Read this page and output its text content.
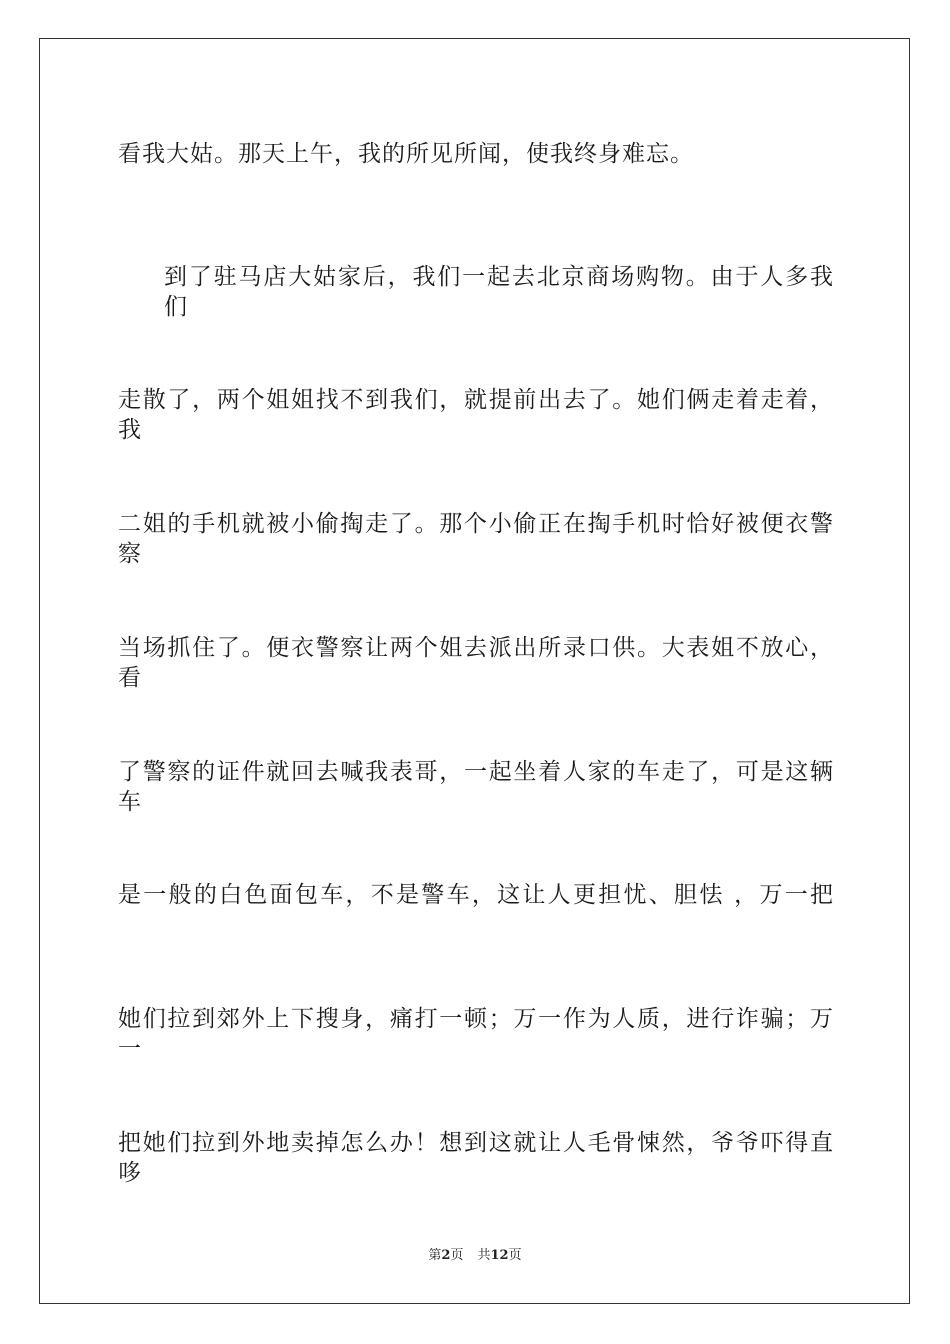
看我大姑。那天上午，我的所见所闻，使我终身难忘。
到了驻马店大姑家后，我们一起去北京商场购物。由于人多我们
走散了，两个姐姐找不到我们，就提前出去了。她们俩走着走着，我
二姐的手机就被小偷掏走了。那个小偷正在掏手机时恰好被便衣警察
当场抓住了。便衣警察让两个姐去派出所录口供。大表姐不放心，看
了警察的证件就回去喊我表哥，一起坐着人家的车走了，可是这辆车
是一般的白色面包车，不是警车，这让人更担忧、胆怯 ，万一把
她们拉到郊外上下搜身，痛打一顿；万一作为人质，进行诈骗；万一
把她们拉到外地卖掉怎么办！想到这就让人毛骨悚然，爷爷吓得直哆
第2页 共12页
